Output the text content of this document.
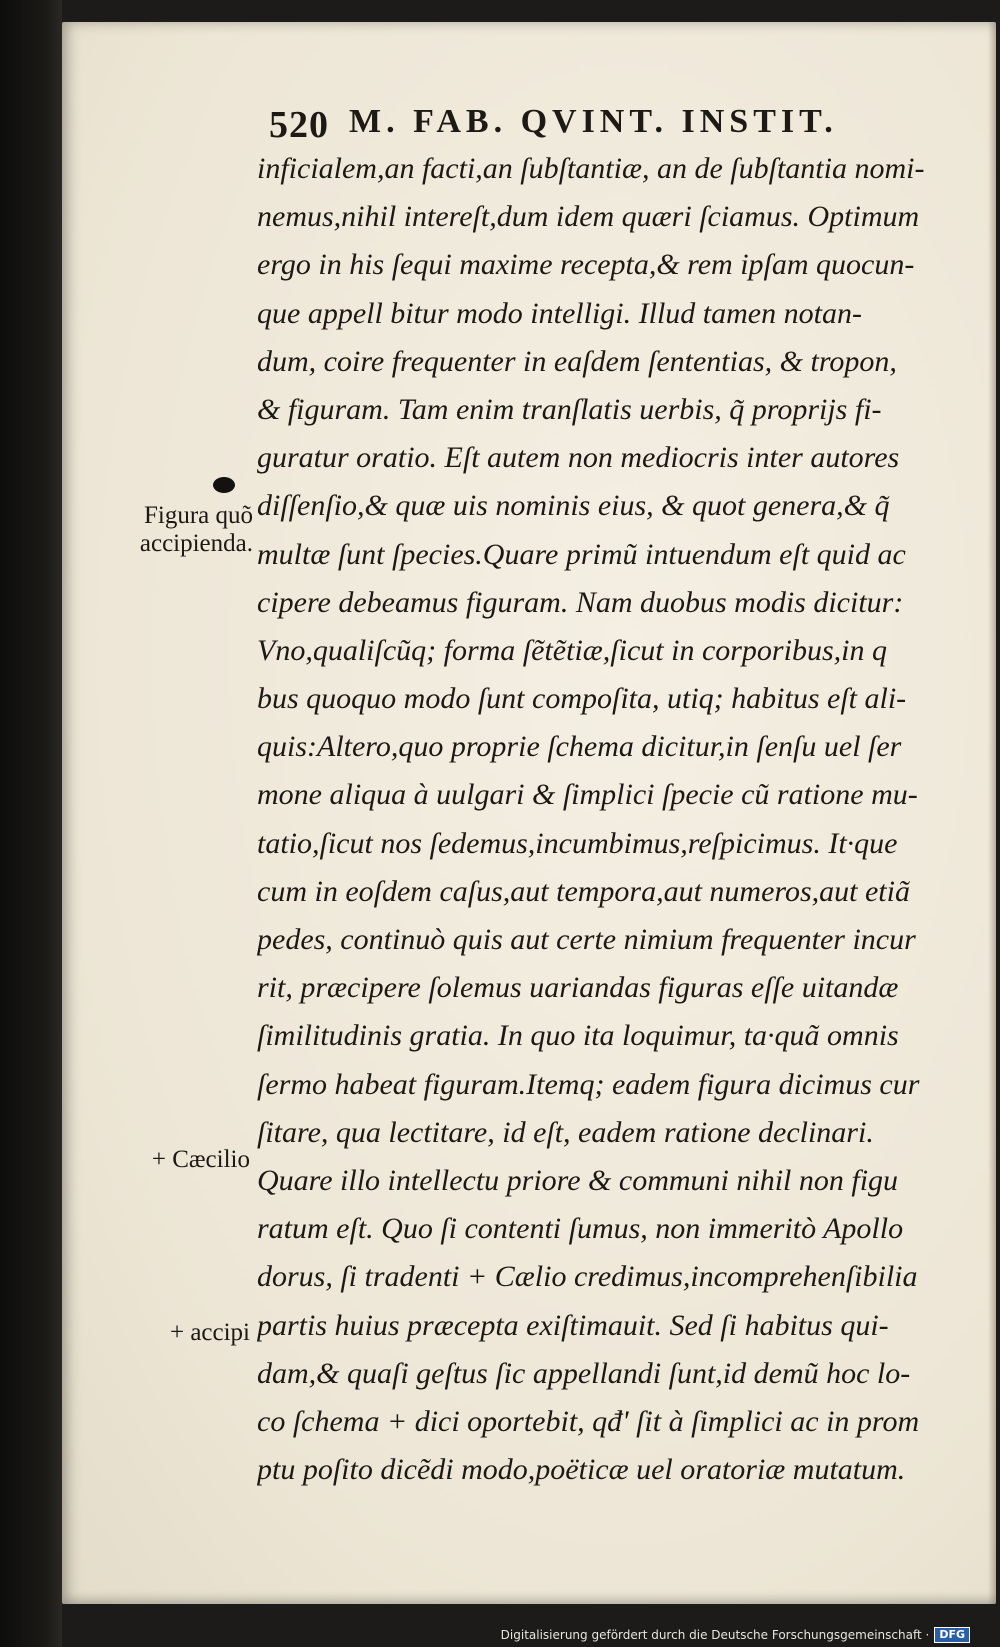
520 M. FAB. QVINT. INSTIT.
inficialem,an facti,an ſubſtantiæ, an de ſubſtantia nomi-
nemus,nihil intereſt,dum idem quæri ſciamus. Optimum
ergo in his ſequi maxime recepta,& rem ipſam quocun-
que appell bitur modo intelligi. Illud tamen notan-
dum, coire frequenter in eaſdem ſententias, & tropon,
& figuram. Tam enim tranſlatis uerbis, q̃ proprijs fi-
guratur oratio. Eſt autem non mediocris inter autores
diſſenſio,& quæ uis nominis eius, & quot genera,& q̃
multæ ſunt ſpecies.Quare primũ intuendum eſt quid ac
cipere debeamus figuram. Nam duobus modis dicitur:
Vno,qualiſcũq; forma ſẽtẽtiæ,ſicut in corporibus,in q
bus quoquo modo ſunt compoſita, utiq; habitus eſt ali-
quis:Altero,quo proprie ſchema dicitur,in ſenſu uel ſer
mone aliqua à uulgari & ſimplici ſpecie cũ ratione mu-
tatio,ſicut nos ſedemus,incumbimus,reſpicimus. It·que
cum in eoſdem caſus,aut tempora,aut numeros,aut etiã
pedes, continuò quis aut certe nimium frequenter incur
rit, præcipere ſolemus uariandas figuras eſſe uitandæ
ſimilitudinis gratia. In quo ita loquimur, ta·quã omnis
ſermo habeat figuram.Itemq; eadem figura dicimus cur
ſitare, qua lectitare, id eſt, eadem ratione declinari.
Quare illo intellectu priore & communi nihil non figu
ratum eſt. Quo ſi contenti ſumus, non immeritò Apollo
dorus, ſi tradenti + Cælio credimus,incomprehenſibilia
partis huius præcepta exiſtimauit. Sed ſi habitus qui-
dam,& quaſi geſtus ſic appellandi ſunt,id demũ hoc lo-
co ſchema + dici oportebit, qđ' ſit à ſimplici ac in prom
ptu poſito dicẽdi modo,poëticæ uel oratoriæ mutatum.
Figura quõ
accipienda.
+ Cæcilio
+ accipi
Digitalisierung gefördert durch die Deutsche Forschungsgemeinschaft · DFG
